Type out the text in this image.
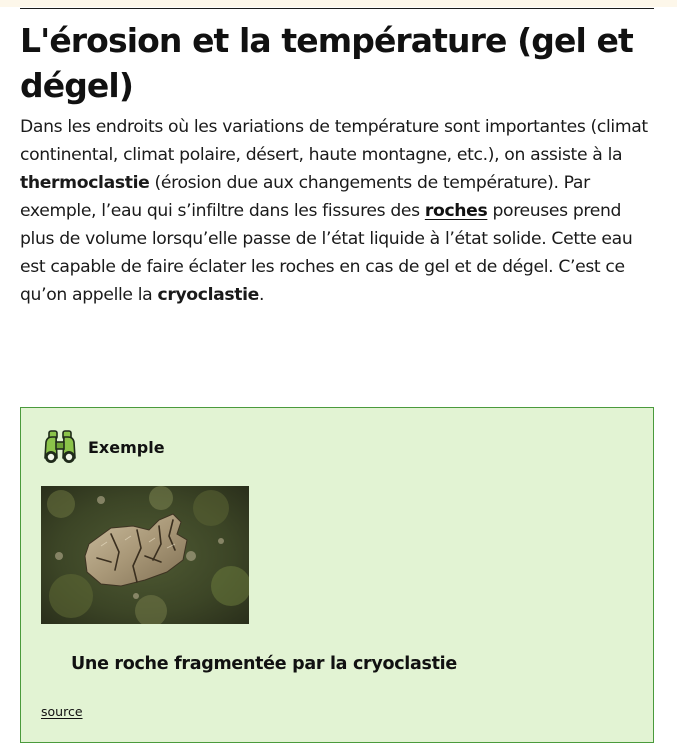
L'érosion et la température (gel et dégel)

Dans les endroits où les variations de température sont importantes (climat continental, climat polaire, désert, haute montagne, etc.), on assiste à la thermoclastie (érosion due aux changements de température). Par exemple, l’eau qui s’infiltre dans les fissures des roches poreuses prend plus de volume lorsqu’elle passe de l’état liquide à l’état solide. Cette eau est capable de faire éclater les roches en cas de gel et de dégel. C’est ce qu’on appelle la cryoclastie.

Exemple

Une roche fragmentée par la cryoclastie

source
